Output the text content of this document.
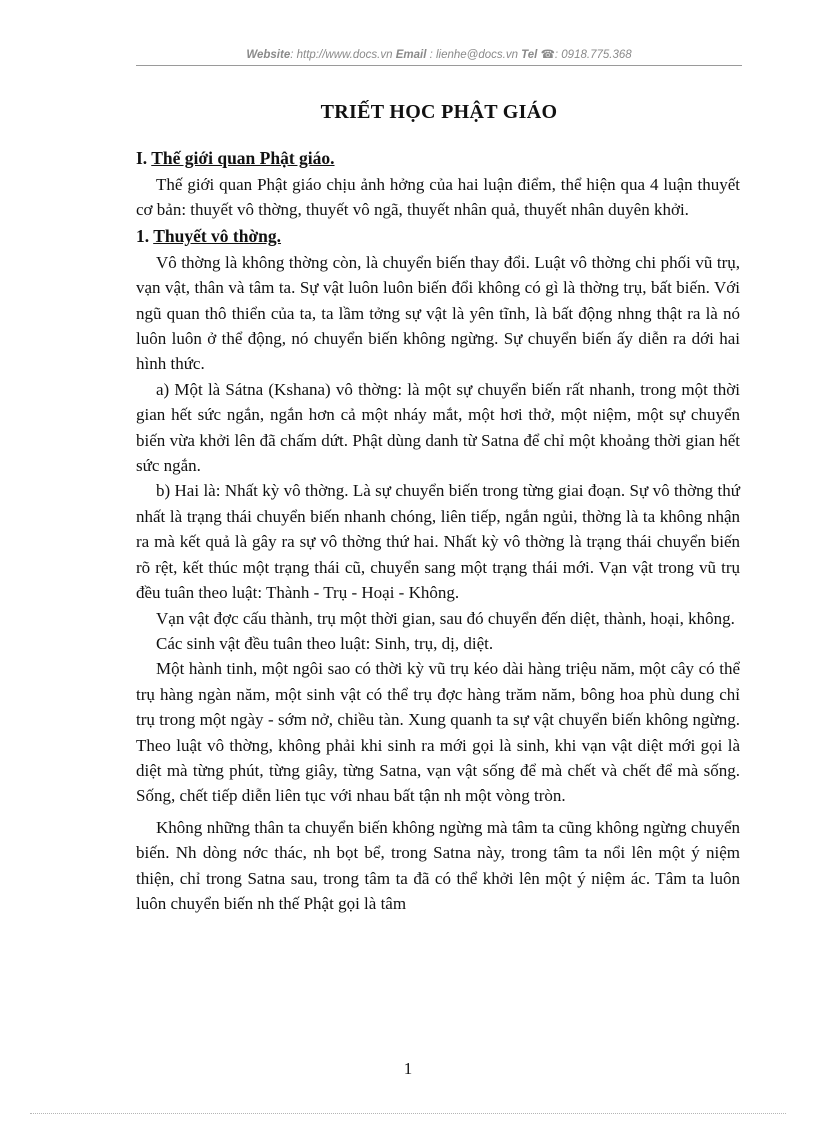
Website: http://www.docs.vn Email : lienhe@docs.vn Tel ☎: 0918.775.368
TRIẾT HỌC PHẬT GIÁO
I. Thế giới quan Phật giáo.

Thế giới quan Phật giáo chịu ảnh hởng của hai luận điểm, thể hiện qua 4 luận thuyết cơ bản: thuyết vô thờng, thuyết vô ngã, thuyết nhân quả, thuyết nhân duyên khởi.

1. Thuyết vô thờng.

Vô thờng là không thờng còn, là chuyển biến thay đổi. Luật vô thờng chi phối vũ trụ, vạn vật, thân và tâm ta. Sự vật luôn luôn biến đổi không có gì là thờng trụ, bất biến. Với ngũ quan thô thiển của ta, ta lầm tởng sự vật là yên tĩnh, là bất động nhng thật ra là nó luôn luôn ở thể động, nó chuyển biến không ngừng. Sự chuyển biến ấy diễn ra dới hai hình thức.

a) Một là Sátna (Kshana) vô thờng: là một sự chuyển biến rất nhanh, trong một thời gian hết sức ngắn, ngắn hơn cả một nháy mắt, một hơi thở, một niệm, một sự chuyển biến vừa khởi lên đã chấm dứt. Phật dùng danh từ Satna để chỉ một khoảng thời gian hết sức ngắn.

b) Hai là: Nhất kỳ vô thờng. Là sự chuyển biến trong từng giai đoạn. Sự vô thờng thứ nhất là trạng thái chuyển biến nhanh chóng, liên tiếp, ngắn ngủi, thờng là ta không nhận ra mà kết quả là gây ra sự vô thờng thứ hai. Nhất kỳ vô thờng là trạng thái chuyển biến rõ rệt, kết thúc một trạng thái cũ, chuyển sang một trạng thái mới. Vạn vật trong vũ trụ đều tuân theo luật: Thành - Trụ - Hoại - Không.

Vạn vật đợc cấu thành, trụ một thời gian, sau đó chuyển đến diệt, thành, hoại, không.

Các sinh vật đều tuân theo luật: Sinh, trụ, dị, diệt.

Một hành tinh, một ngôi sao có thời kỳ vũ trụ kéo dài hàng triệu năm, một cây có thể trụ hàng ngàn năm, một sinh vật có thể trụ đợc hàng trăm năm, bông hoa phù dung chỉ trụ trong một ngày - sớm nở, chiều tàn. Xung quanh ta sự vật chuyển biến không ngừng. Theo luật vô thờng, không phải khi sinh ra mới gọi là sinh, khi vạn vật diệt mới gọi là diệt mà từng phút, từng giây, từng Satna, vạn vật sống để mà chết và chết để mà sống. Sống, chết tiếp diễn liên tục với nhau bất tận nh một vòng tròn.

Không những thân ta chuyển biến không ngừng mà tâm ta cũng không ngừng chuyển biến. Nh dòng nớc thác, nh bọt bể, trong Satna này, trong tâm ta nổi lên một ý niệm thiện, chỉ trong Satna sau, trong tâm ta đã có thể khởi lên một ý niệm ác. Tâm ta luôn luôn chuyển biến nh thế Phật gọi là tâm

1
